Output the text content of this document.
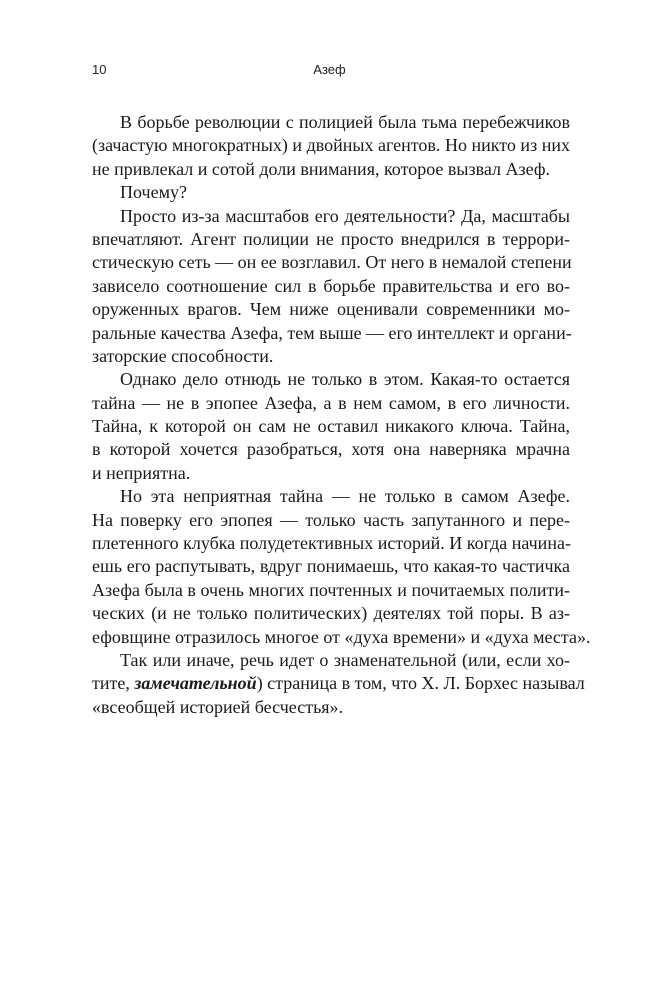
10	Азеф
В борьбе революции с полицией была тьма перебежчиков
(зачастую многократных) и двойных агентов. Но никто из них
не привлекал и сотой доли внимания, которое вызвал Азеф.
Почему?
Просто из-за масштабов его деятельности? Да, масштабы
впечатляют. Агент полиции не просто внедрился в террори-
стическую сеть — он ее возглавил. От него в немалой степени
зависело соотношение сил в борьбе правительства и его во-
оруженных врагов. Чем ниже оценивали современники мо-
ральные качества Азефа, тем выше — его интеллект и органи-
заторские способности.
Однако дело отнюдь не только в этом. Какая-то остается
тайна — не в эпопее Азефа, а в нем самом, в его личности.
Тайна, к которой он сам не оставил никакого ключа. Тайна,
в которой хочется разобраться, хотя она наверняка мрачна
и неприятна.
Но эта неприятная тайна — не только в самом Азефе.
На поверку его эпопея — только часть запутанного и пере-
плетенного клубка полудетективных историй. И когда начина-
ешь его распутывать, вдруг понимаешь, что какая-то частичка
Азефа была в очень многих почтенных и почитаемых полити-
ческих (и не только политических) деятелях той поры. В аз-
ефовщине отразилось многое от «духа времени» и «духа места».
Так или иначе, речь идет о знаменательной (или, если хо-
тите, замечательной) страница в том, что Х. Л. Борхес называл
«всеобщей историей бесчестья».
